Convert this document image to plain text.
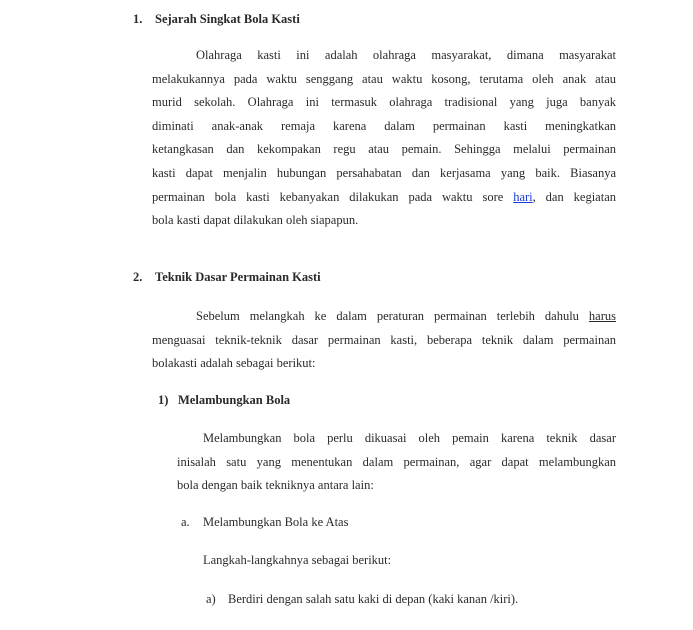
1. Sejarah Singkat Bola Kasti
Olahraga kasti ini adalah olahraga masyarakat, dimana masyarakat
melakukannya pada waktu senggang atau waktu kosong, terutama oleh anak atau
murid sekolah. Olahraga ini termasuk olahraga tradisional yang juga banyak
diminati anak-anak remaja karena dalam permainan kasti meningkatkan
ketangkasan dan kekompakan regu atau pemain. Sehingga melalui permainan
kasti dapat menjalin hubungan persahabatan dan kerjasama yang baik. Biasanya
permainan bola kasti kebanyakan dilakukan pada waktu sore hari, dan kegiatan
bola kasti dapat dilakukan oleh siapapun.
2. Teknik Dasar Permainan Kasti
Sebelum melangkah ke dalam peraturan permainan terlebih dahulu harus
menguasai teknik-teknik dasar permainan kasti, beberapa teknik dalam permainan
bolakasti adalah sebagai berikut:
1) Melambungkan Bola
Melambungkan bola perlu dikuasai oleh pemain karena teknik dasar
inisalah satu yang menentukan dalam permainan, agar dapat melambungkan
bola dengan baik tekniknya antara lain:
a. Melambungkan Bola ke Atas
Langkah-langkahnya sebagai berikut:
a) Berdiri dengan salah satu kaki di depan (kaki kanan /kiri).
